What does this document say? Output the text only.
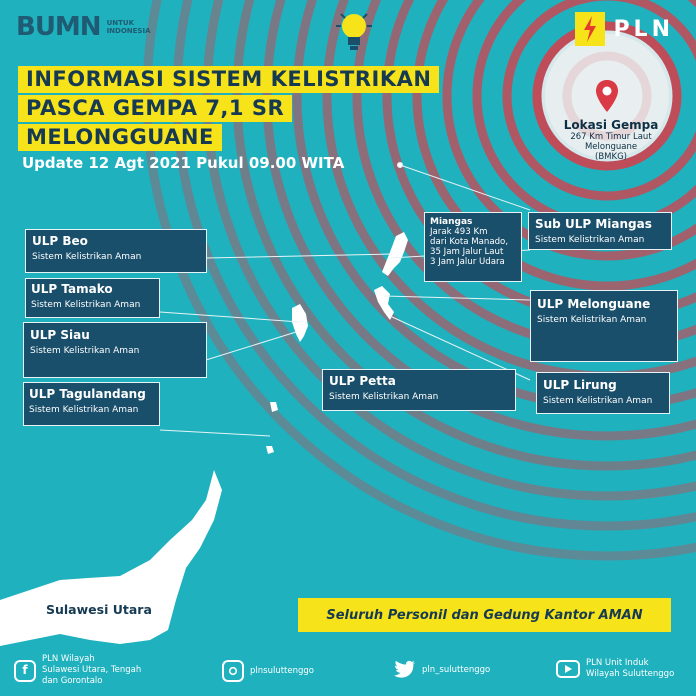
BUMN UNTUK
INDONESIA	PLN
INFORMASI SISTEM KELISTRIKAN
PASCA GEMPA 7,1 SR
MELONGGUANE
Update 12 Agt 2021 Pukul 09.00 WITA
Lokasi Gempa
267 Km Timur Laut
Melonguane
(BMKG)
Miangas
Jarak 493 Km
dari Kota Manado,
35 Jam Jalur Laut
3 Jam Jalur Udara
ULP Beo
Sistem Kelistrikan Aman
ULP Tamako
Sistem Kelistrikan Aman
ULP Siau
Sistem Kelistrikan Aman
ULP Tagulandang
Sistem Kelistrikan Aman
ULP Petta
Sistem Kelistrikan Aman
Sub ULP Miangas
Sistem Kelistrikan Aman
ULP Melonguane
Sistem Kelistrikan Aman
ULP Lirung
Sistem Kelistrikan Aman
Sulawesi Utara	Seluruh Personil dan Gedung Kantor AMAN
f
PLN Wilayah
Sulawesi Utara, Tengah
dan Gorontalo
plnsuluttenggo	pln_suluttenggo
PLN Unit Induk
Wilayah Suluttenggo
